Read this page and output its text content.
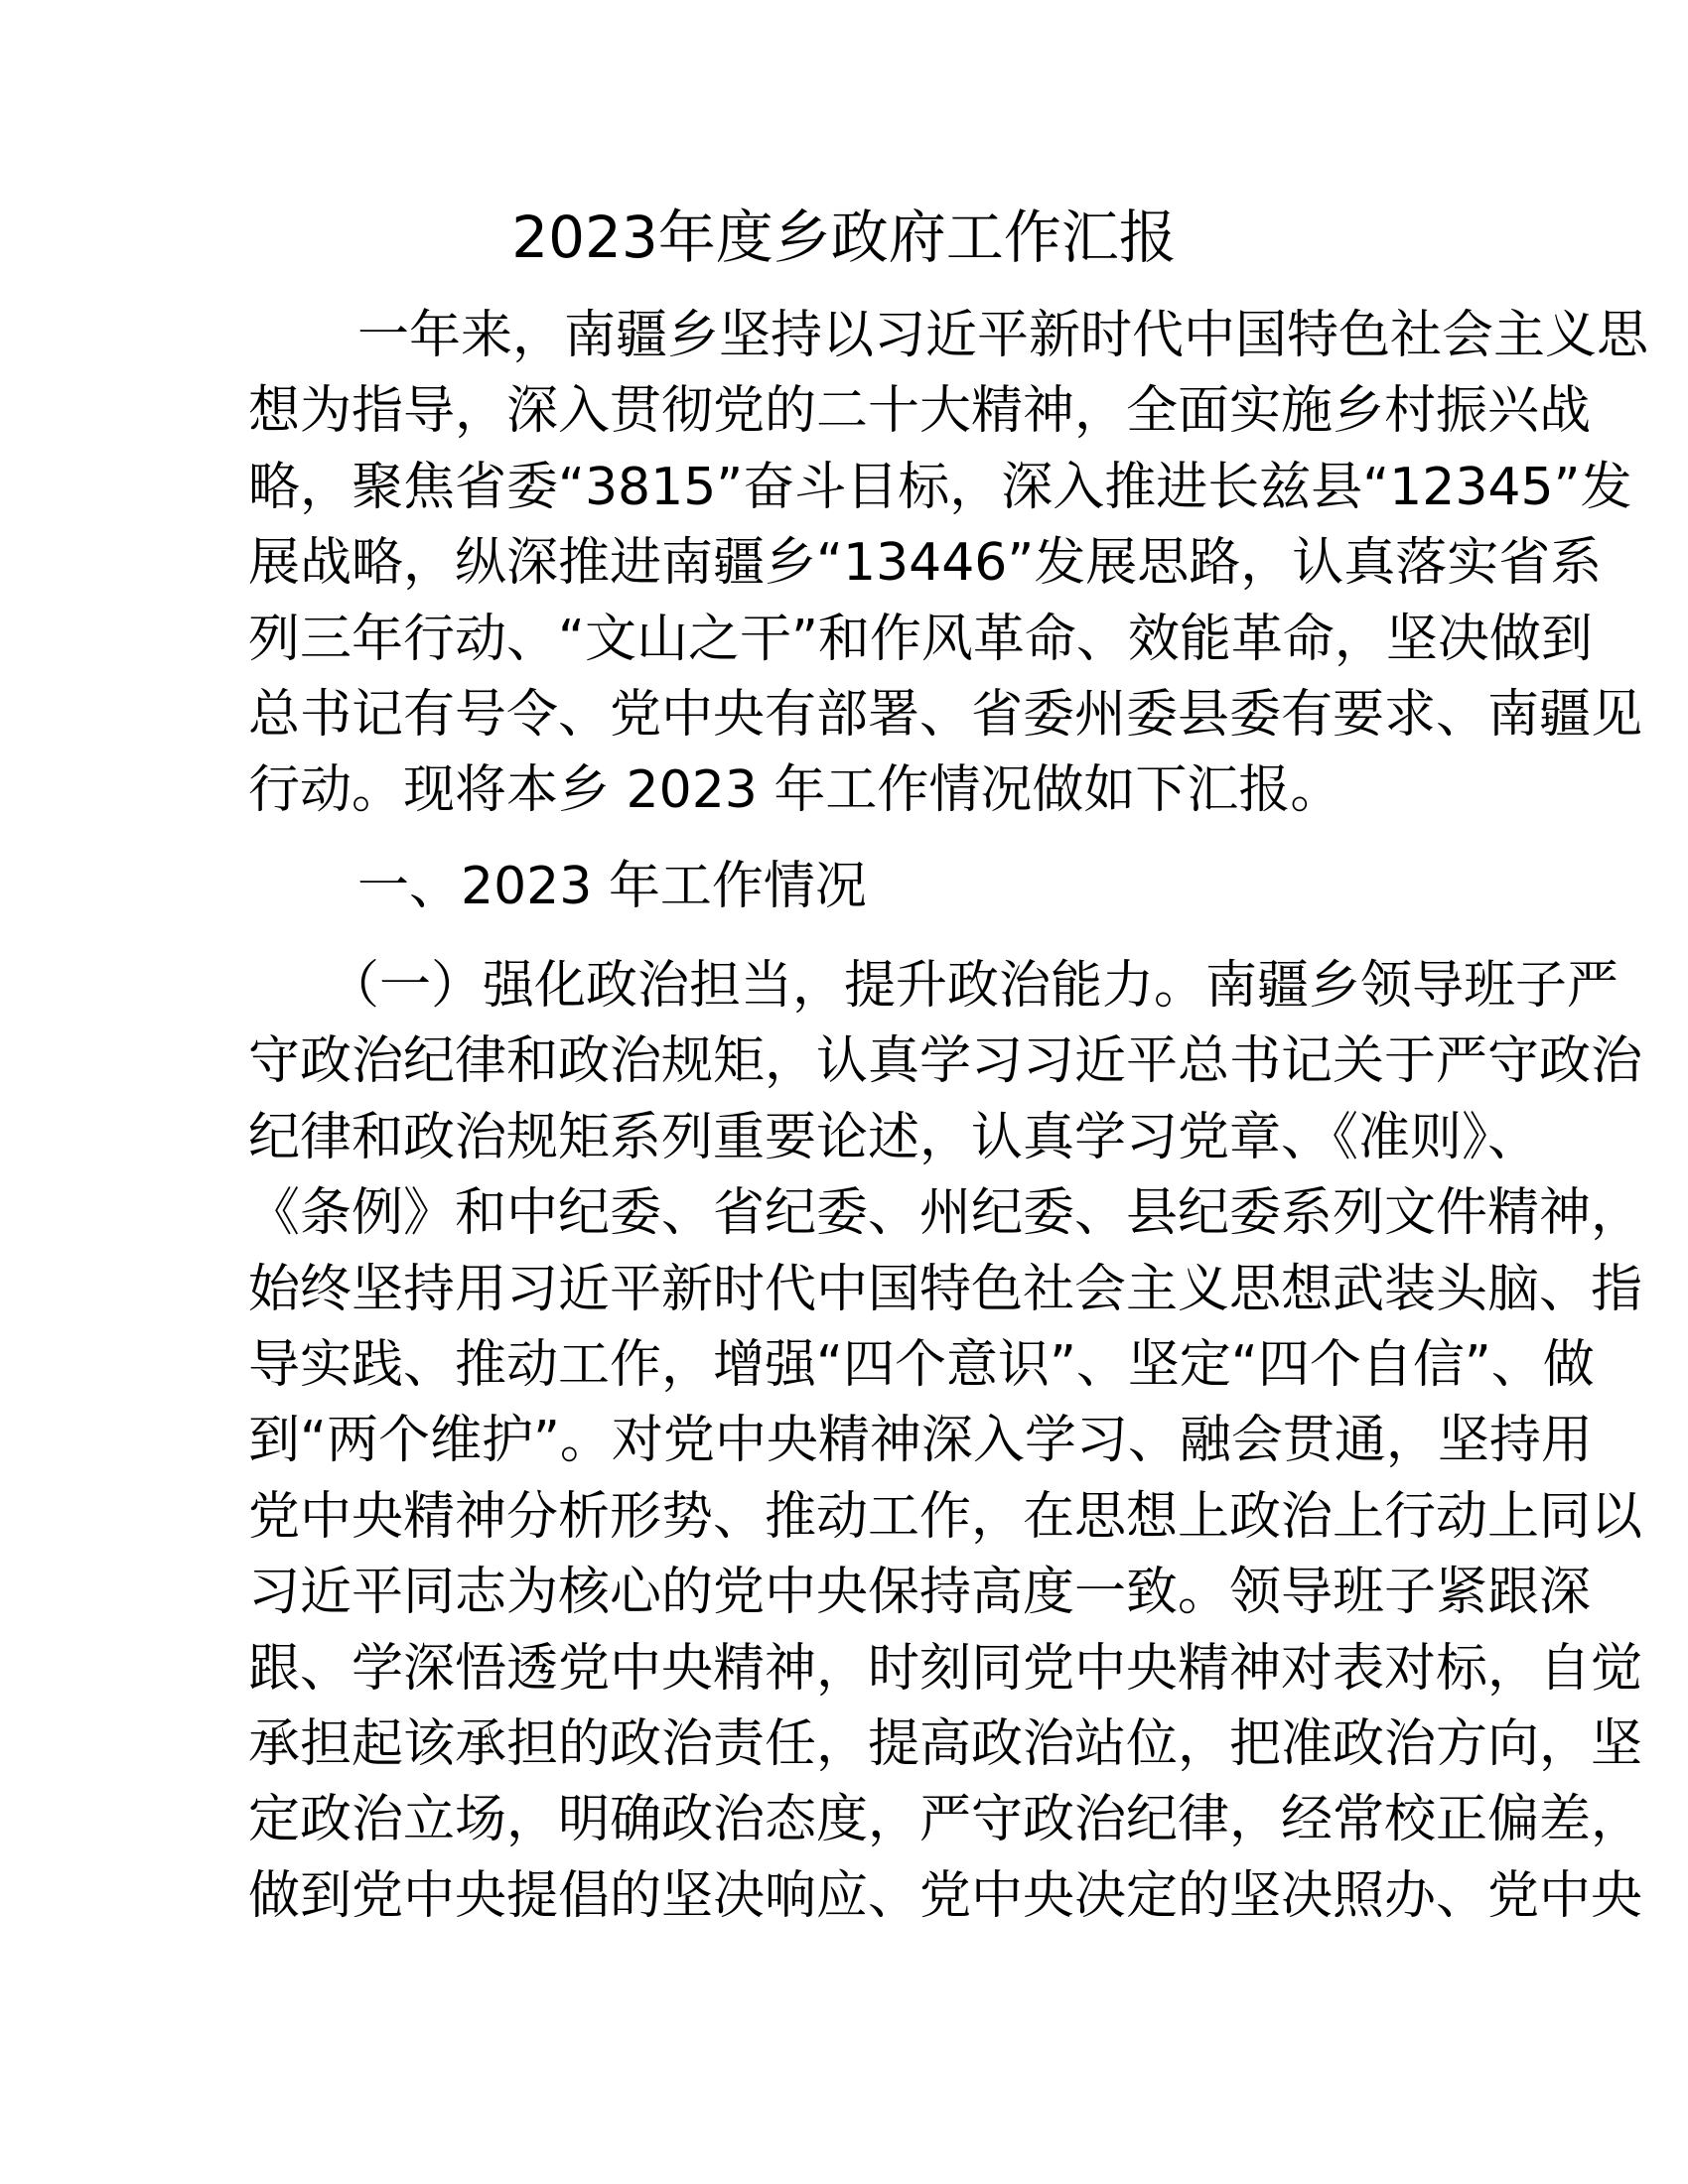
2023年度乡政府工作汇报
一年来，南疆乡坚持以习近平新时代中国特色社会主义思
想为指导，深入贯彻党的二十大精神，全面实施乡村振兴战
略，聚焦省委“3815”奋斗目标，深入推进长兹县“12345”发
展战略，纵深推进南疆乡“13446”发展思路，认真落实省系
列三年行动、“文山之干”和作风革命、效能革命，坚决做到
总书记有号令、党中央有部署、省委州委县委有要求、南疆见
行动。现将本乡 2023 年工作情况做如下汇报。
一、2023 年工作情况
（一）强化政治担当，提升政治能力。南疆乡领导班子严
守政治纪律和政治规矩，认真学习习近平总书记关于严守政治
纪律和政治规矩系列重要论述，认真学习党章、《准则》、
《条例》和中纪委、省纪委、州纪委、县纪委系列文件精神，
始终坚持用习近平新时代中国特色社会主义思想武装头脑、指
导实践、推动工作，增强“四个意识”、坚定“四个自信”、做
到“两个维护”。对党中央精神深入学习、融会贯通，坚持用
党中央精神分析形势、推动工作，在思想上政治上行动上同以
习近平同志为核心的党中央保持高度一致。领导班子紧跟深
跟、学深悟透党中央精神，时刻同党中央精神对表对标，自觉
承担起该承担的政治责任，提高政治站位，把准政治方向，坚
定政治立场，明确政治态度，严守政治纪律，经常校正偏差，
做到党中央提倡的坚决响应、党中央决定的坚决照办、党中央
